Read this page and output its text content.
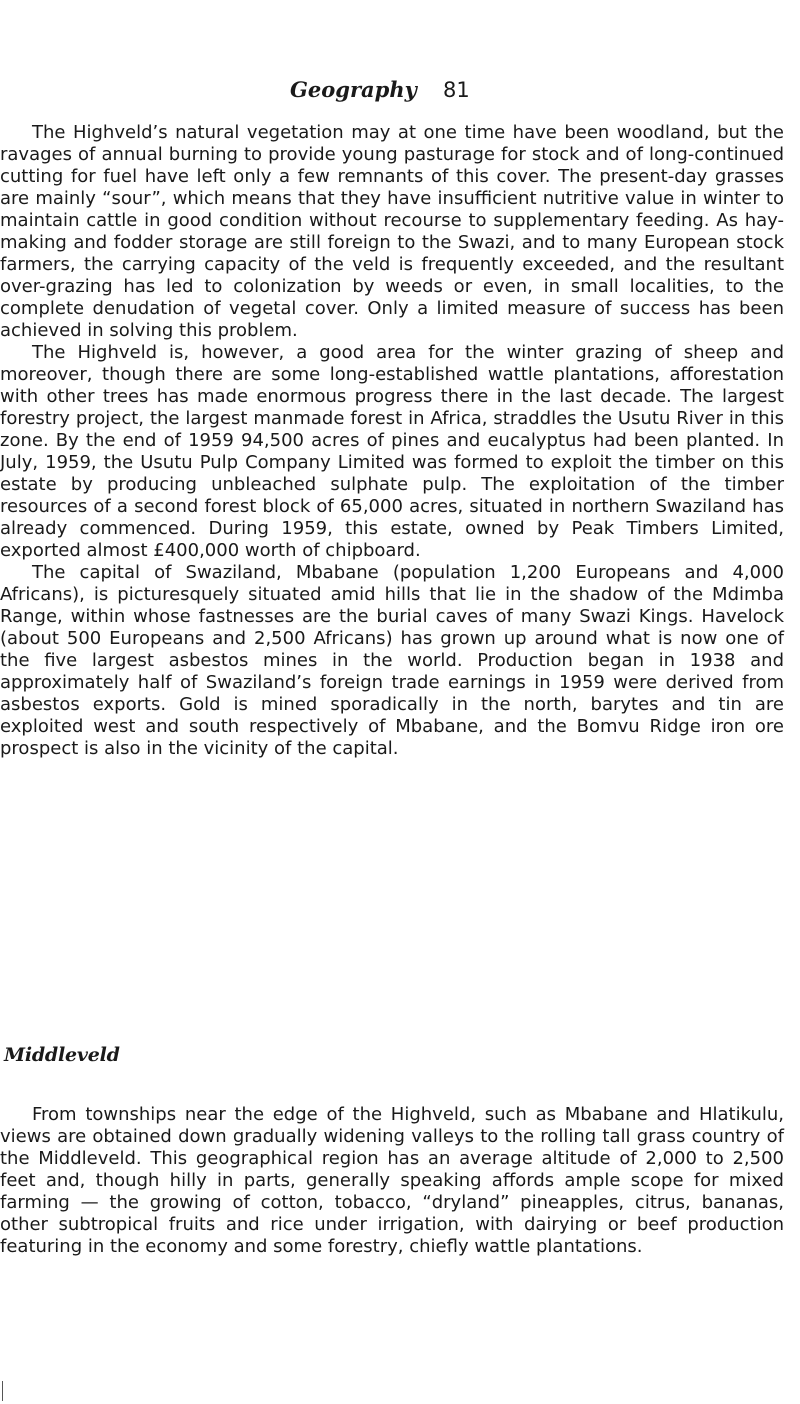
Geography 81

The Highveld’s natural vegetation may at one time have been woodland, but the ravages of annual burning to provide young pasturage for stock and of long-continued cutting for fuel have left only a few remnants of this cover. The present-day grasses are mainly “sour”, which means that they have insufficient nutritive value in winter to maintain cattle in good condition without recourse to supplementary feeding. As hay-making and fodder storage are still foreign to the Swazi, and to many European stock farmers, the carrying capacity of the veld is frequently exceeded, and the resultant over-grazing has led to colonization by weeds or even, in small localities, to the complete denudation of vegetal cover. Only a limited measure of success has been achieved in solving this problem.

The Highveld is, however, a good area for the winter grazing of sheep and moreover, though there are some long-established wattle plantations, afforestation with other trees has made enormous progress there in the last decade. The largest forestry project, the largest manmade forest in Africa, straddles the Usutu River in this zone. By the end of 1959 94,500 acres of pines and eucalyptus had been planted. In July, 1959, the Usutu Pulp Company Limited was formed to exploit the timber on this estate by producing unbleached sulphate pulp. The exploitation of the timber resources of a second forest block of 65,000 acres, situated in northern Swaziland has already commenced. During 1959, this estate, owned by Peak Timbers Limited, exported almost £400,000 worth of chipboard.

The capital of Swaziland, Mbabane (population 1,200 Europeans and 4,000 Africans), is picturesquely situated amid hills that lie in the shadow of the Mdimba Range, within whose fastnesses are the burial caves of many Swazi Kings. Havelock (about 500 Europeans and 2,500 Africans) has grown up around what is now one of the five largest asbestos mines in the world. Production began in 1938 and approximately half of Swaziland’s foreign trade earnings in 1959 were derived from asbestos exports. Gold is mined sporadically in the north, barytes and tin are exploited west and south respectively of Mbabane, and the Bomvu Ridge iron ore prospect is also in the vicinity of the capital.

Middleveld

From townships near the edge of the Highveld, such as Mbabane and Hlatikulu, views are obtained down gradually widening valleys to the rolling tall grass country of the Middleveld. This geographical region has an average altitude of 2,000 to 2,500 feet and, though hilly in parts, generally speaking affords ample scope for mixed farming — the growing of cotton, tobacco, “dryland” pineapples, citrus, bananas, other subtropical fruits and rice under irrigation, with dairying or beef production featuring in the economy and some forestry, chiefly wattle plantations.
